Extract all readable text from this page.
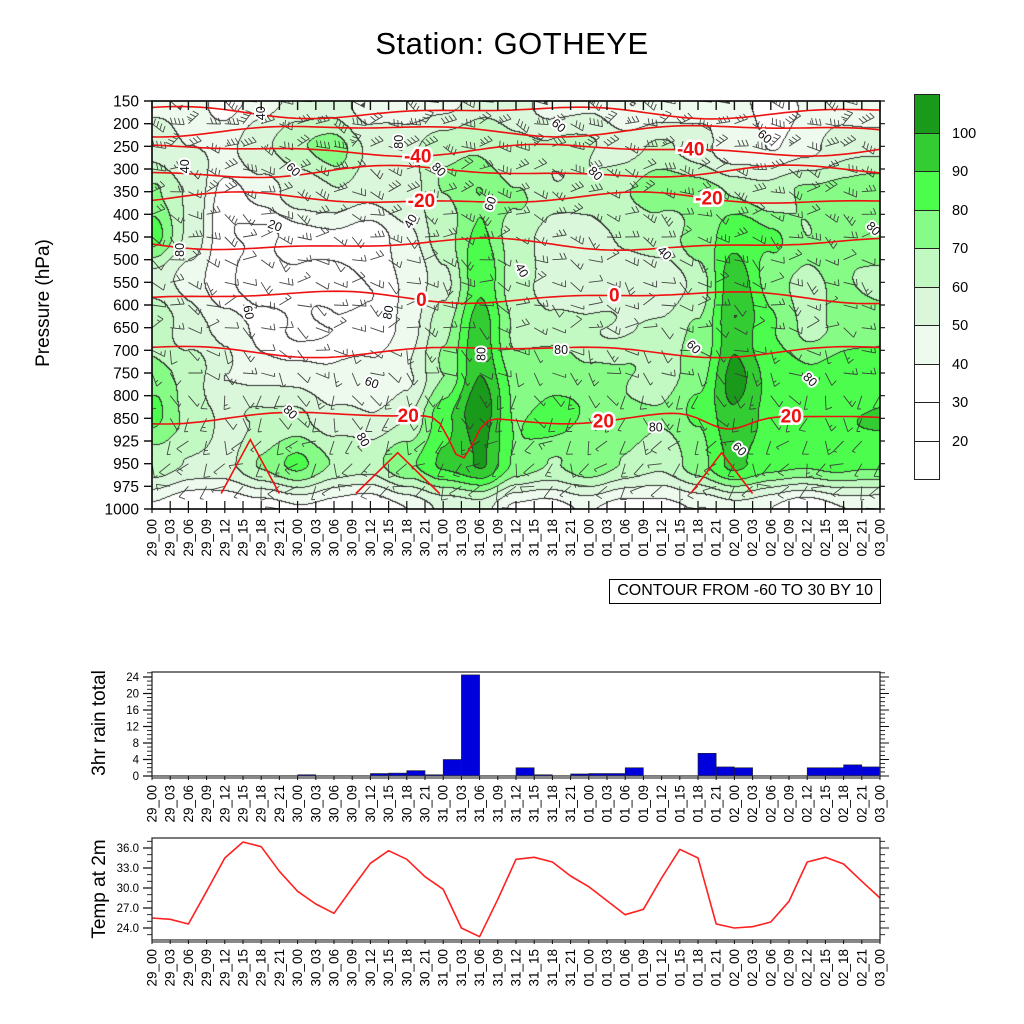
Station: GOTHEYE
Pressure (hPa)
3hr rain total
Temp at 2m
-40	-40
-20	-20
0	0
20	20	20
40
40
80
60
60
60	80	80
40
20
60
40
40
80
60
80	80
80
60
80
80
80
60
80
60
80
150
200
250
300
350
400
450
500
550
600
650
700
750
800
850
925
950
975
1000
29_00 29_03 29_06 29_09 29_12 29_15 29_18 29_21 30_00 30_03 30_06 30_09 30_12 30_15 30_18 30_21 31_00 31_03 31_06 31_09 31_12 31_15 31_18 31_21 01_00 01_03 01_06 01_09 01_12 01_15 01_18 01_21 02_00 02_03 02_06 02_09 02_12 02_15 02_18 02_21 03_00
0
4
8
12
16
20
24
29_00 29_03 29_06 29_09 29_12 29_15 29_18 29_21 30_00 30_03 30_06 30_09 30_12 30_15 30_18 30_21 31_00 31_03 31_06 31_09 31_12 31_15 31_18 31_21 01_00 01_03 01_06 01_09 01_12 01_15 01_18 01_21 02_00 02_03 02_06 02_09 02_12 02_15 02_18 02_21 03_00
24.0
27.0
30.0
33.0
36.0
29_00 29_03 29_06 29_09 29_12 29_15 29_18 29_21 30_00 30_03 30_06 30_09 30_12 30_15 30_18 30_21 31_00 31_03 31_06 31_09 31_12 31_15 31_18 31_21 01_00 01_03 01_06 01_09 01_12 01_15 01_18 01_21 02_00 02_03 02_06 02_09 02_12 02_15 02_18 02_21 03_00
CONTOUR FROM -60 TO 30 BY 10
100
90
80
70
60
50
40
30
20
